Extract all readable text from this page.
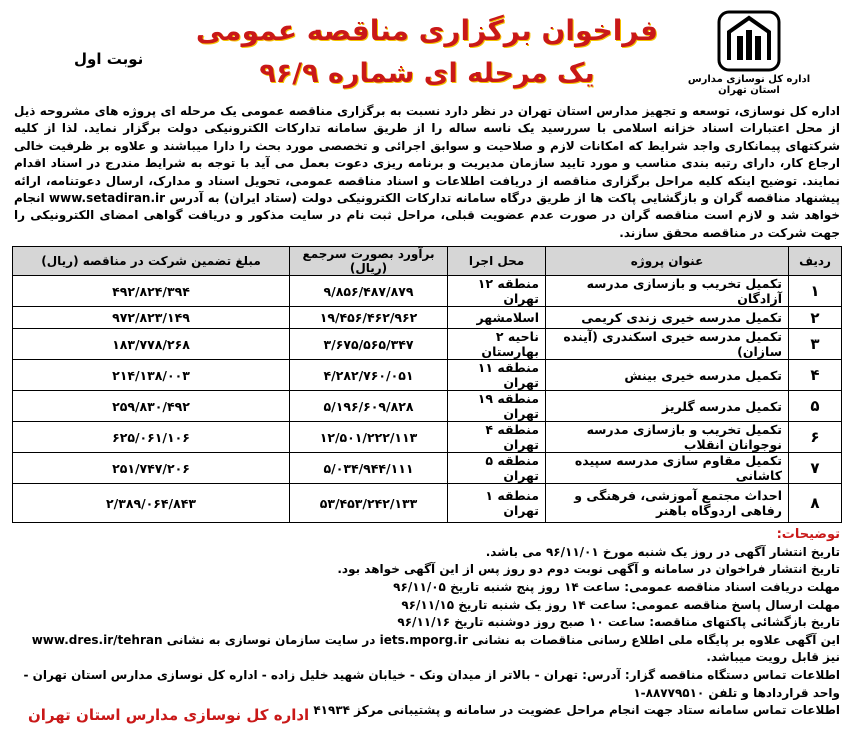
نوبت اول
فراخوان برگزاری مناقصه عمومی
یک مرحله ای شماره ۹۶/۹	اداره کل نوسازی مدارس استان تهران
اداره کل نوسازی، توسعه و تجهیز مدارس استان تهران در نظر دارد نسبت به برگزاری مناقصه عمومی یک مرحله ای پروژه های مشروحه ذیل از محل اعتبارات اسناد خزانه اسلامی با سررسید یک ناسه ساله را از طریق سامانه تدارکات الکترونیکی دولت برگزار نماید. لذا از کلیه شرکتهای پیمانکاری واجد شرایط که امکانات لازم و صلاحیت و سوابق اجرائی و تخصصی مورد بحث را دارا میباشند و علاوه بر ظرفیت خالی ارجاع کار، دارای رتبه بندی مناسب و مورد تایید سازمان مدیریت و برنامه ریزی دعوت بعمل می آید با توجه به شرایط مندرج در اسناد اقدام نمایند. توضیح اینکه کلیه مراحل برگزاری مناقصه از دریافت اطلاعات و اسناد مناقصه عمومی، تحویل اسناد و مدارک، ارسال دعوتنامه، ارائه پیشنهاد مناقصه گران و بازگشایی پاکت ها از طریق درگاه سامانه تدارکات الکترونیکی دولت (ستاد ایران) به آدرس www.setadiran.ir انجام خواهد شد و لازم است مناقصه گران در صورت عدم عضویت قبلی، مراحل ثبت نام در سایت مذکور و دریافت گواهی امضای الکترونیکی را جهت شرکت در مناقصه محقق سازند.
ردیف	عنوان پروژه	محل اجرا	برآورد بصورت سرجمع (ریال)	مبلغ تضمین شرکت در مناقصه (ریال)
۱	تکمیل تخریب و بازسازی مدرسه آزادگان	منطقه ۱۲ تهران	۹/۸۵۶/۴۸۷/۸۷۹	۴۹۲/۸۲۴/۳۹۴
۲	تکمیل مدرسه خیری زندی کریمی	اسلامشهر	۱۹/۴۵۶/۴۶۲/۹۶۲	۹۷۲/۸۲۳/۱۴۹
۳	تکمیل مدرسه خیری اسکندری (آینده سازان)	ناحیه ۲ بهارستان	۳/۶۷۵/۵۶۵/۳۴۷	۱۸۳/۷۷۸/۲۶۸
۴	تکمیل مدرسه خیری بینش	منطقه ۱۱ تهران	۴/۲۸۲/۷۶۰/۰۵۱	۲۱۴/۱۳۸/۰۰۳
۵	تکمیل مدرسه گلریز	منطقه ۱۹ تهران	۵/۱۹۶/۶۰۹/۸۲۸	۲۵۹/۸۳۰/۴۹۲
۶	تکمیل تخریب و بازسازی مدرسه نوجوانان انقلاب	منطقه ۴ تهران	۱۲/۵۰۱/۲۲۲/۱۱۳	۶۲۵/۰۶۱/۱۰۶
۷	تکمیل مقاوم سازی مدرسه سپیده کاشانی	منطقه ۵ تهران	۵/۰۳۴/۹۴۴/۱۱۱	۲۵۱/۷۴۷/۲۰۶
۸	احداث مجتمع آموزشی، فرهنگی و رفاهی اردوگاه باهنر	منطقه ۱ تهران	۵۳/۴۵۳/۲۴۲/۱۳۳	۲/۳۸۹/۰۶۴/۸۴۳
توضیحات:
تاریخ انتشار آگهی در روز یک شنبه مورخ ۹۶/۱۱/۰۱ می باشد.
تاریخ انتشار فراخوان در سامانه و آگهی نوبت دوم دو روز پس از این آگهی خواهد بود.
مهلت دریافت اسناد مناقصه عمومی: ساعت ۱۴ روز پنج شنبه تاریخ ۹۶/۱۱/۰۵
مهلت ارسال پاسخ مناقصه عمومی: ساعت ۱۴ روز یک شنبه تاریخ ۹۶/۱۱/۱۵
تاریخ بازگشائی پاکتهای مناقصه: ساعت ۱۰ صبح روز دوشنبه تاریخ ۹۶/۱۱/۱۶
این آگهی علاوه بر پایگاه ملی اطلاع رسانی مناقصات به نشانی iets.mporg.ir در سایت سازمان نوسازی به نشانی www.dres.ir/tehran نیز قابل رویت میباشد.
اطلاعات تماس دستگاه مناقصه گزار: آدرس: تهران - بالاتر از میدان ونک - خیابان شهید خلیل زاده - اداره کل نوسازی مدارس استان تهران - واحد قراردادها و تلفن ۸۸۷۷۹۵۱۰-۱
اطلاعات تماس سامانه ستاد جهت انجام مراحل عضویت در سامانه و پشتیبانی مرکز ۴۱۹۳۴
اداره کل نوسازی مدارس استان تهران
